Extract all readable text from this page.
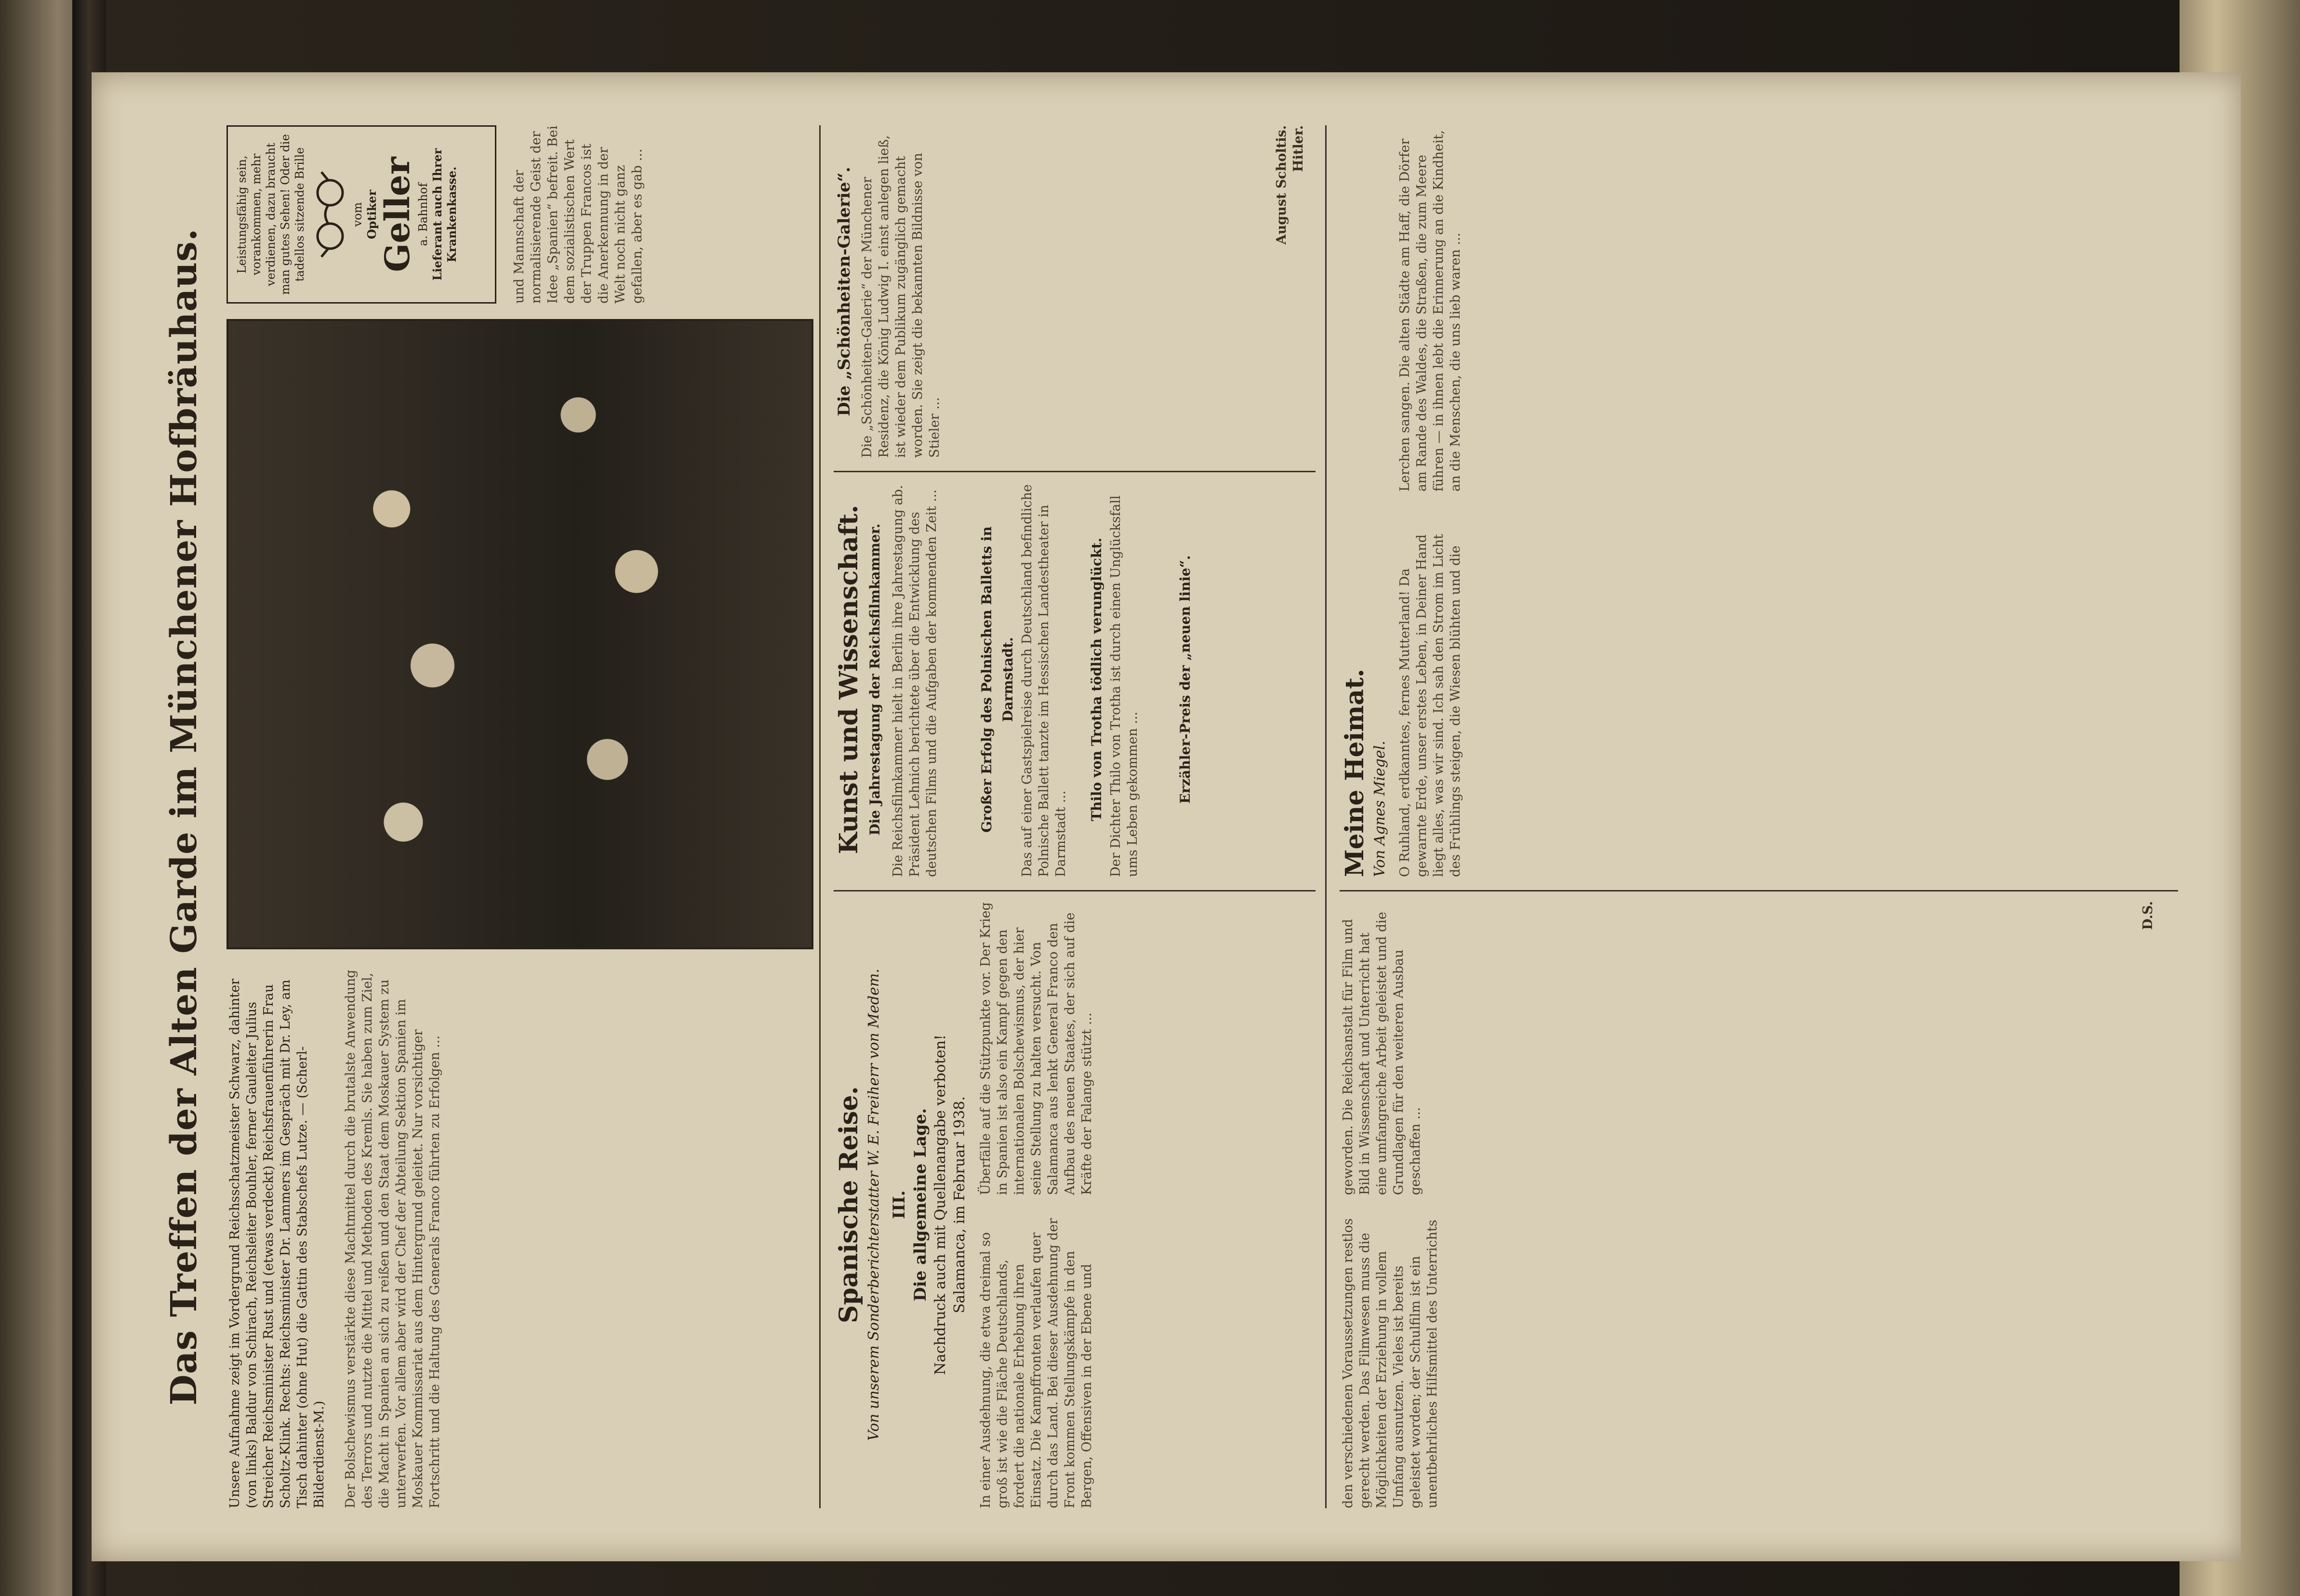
Das Treffen der Alten Garde im Münchener Hofbräuhaus. Unsere Aufnahme zeigt im Vordergrund Reichsschatzmeister Schwarz, dahinter (von links) Baldur von Schirach, Reichsleiter Bouhler, ferner Gauleiter Julius Streicher Reichsminister Rust und (etwas verdeckt) Reichsfrauenführerin Frau Scholtz-Klink. Rechts: Reichsminister Dr. Lammers im Gespräch mit Dr. Ley, am Tisch dahinter (ohne Hut) die Gattin des Stabschefs Lutze. — (Scherl-Bilderdienst-M.) Der Bolschewismus verstärkte diese Machtmittel durch die brutalste Anwendung des Terrors und nutzte die Mittel und Methoden des Kremls. Sie haben zum Ziel, die Macht in Spanien an sich zu reißen und den Staat dem Moskauer System zu unterwerfen. Vor allem aber wird der Chef der Abteilung Sektion Spanien im Moskauer Kommissariat aus dem Hintergrund geleitet. Nur vorsichtiger Fortschritt und die Haltung des Generals Franco führten zu Erfolgen ...
Leistungsfähig sein, vorankommen, mehr verdienen, dazu braucht man gutes Sehen! Oder die tadellos sitzende Brille	vom Optiker
Geller
a. Bahnhof Lieferant auch Ihrer Krankenkasse.	und Mannschaft der normalisierende Geist der Idee „Spanien“ befreit. Bei dem sozialistischen Wert der Truppen Francos ist die Anerkennung in der Welt noch nicht ganz gefallen, aber es gab ...
Spanische Reise. Von unserem Sonderberichterstatter W. E. Freiherr von Medem. III. Die allgemeine Lage. Nachdruck auch mit Quellenangabe verboten! Salamanca, im Februar 1938.
In einer Ausdehnung, die etwa dreimal so groß ist wie die Fläche Deutschlands, fordert die nationale Erhebung ihren Einsatz. Die Kampffronten verlaufen quer durch das Land. Bei dieser Ausdehnung der Front kommen Stellungskämpfe in den Bergen, Offensiven in der Ebene und Überfälle auf die Stützpunkte vor. Der Krieg in Spanien ist also ein Kampf gegen den internationalen Bolschewismus, der hier seine Stellung zu halten versucht. Von Salamanca aus lenkt General Franco den Aufbau des neuen Staates, der sich auf die Kräfte der Falange stützt ...
Kunst und Wissenschaft. Die Jahrestagung der Reichsfilmkammer. Die Reichsfilmkammer hielt in Berlin ihre Jahrestagung ab. Präsident Lehnich berichtete über die Entwicklung des deutschen Films und die Aufgaben der kommenden Zeit ...	Großer Erfolg des Polnischen Balletts in Darmstadt. Das auf einer Gastspielreise durch Deutschland befindliche Polnische Ballett tanzte im Hessischen Landestheater in Darmstadt ...
Thilo von Trotha tödlich verunglückt. Der Dichter Thilo von Trotha ist durch einen Unglücksfall ums Leben gekommen ...	Erzähler-Preis der „neuen linie“.
Die „Schönheiten-Galerie“. Die „Schönheiten-Galerie“ der Münchener Residenz, die König Ludwig I. einst anlegen ließ, ist wieder dem Publikum zugänglich gemacht worden. Sie zeigt die bekannten Bildnisse von Stieler ...
August Scholtis. Hitler.
den verschiedenen Voraussetzungen restlos gerecht werden. Das Filmwesen muss die Möglichkeiten der Erziehung in vollem Umfang ausnutzen. Vieles ist bereits geleistet worden; der Schulfilm ist ein unentbehrliches Hilfsmittel des Unterrichts geworden. Die Reichsanstalt für Film und Bild in Wissenschaft und Unterricht hat eine umfangreiche Arbeit geleistet und die Grundlagen für den weiteren Ausbau geschaffen ...
D.S.
Meine Heimat. Von Agnes Miegel. O Ruhland, erdkanntes, fernes Mutterland! Da gewarnte Erde, unser erstes Leben, in Deiner Hand liegt alles, was wir sind. Ich sah den Strom im Licht des Frühlings steigen, die Wiesen blühten und die Lerchen sangen. Die alten Städte am Haff, die Dörfer am Rande des Waldes, die Straßen, die zum Meere führen — in ihnen lebt die Erinnerung an die Kindheit, an die Menschen, die uns lieb waren ...
